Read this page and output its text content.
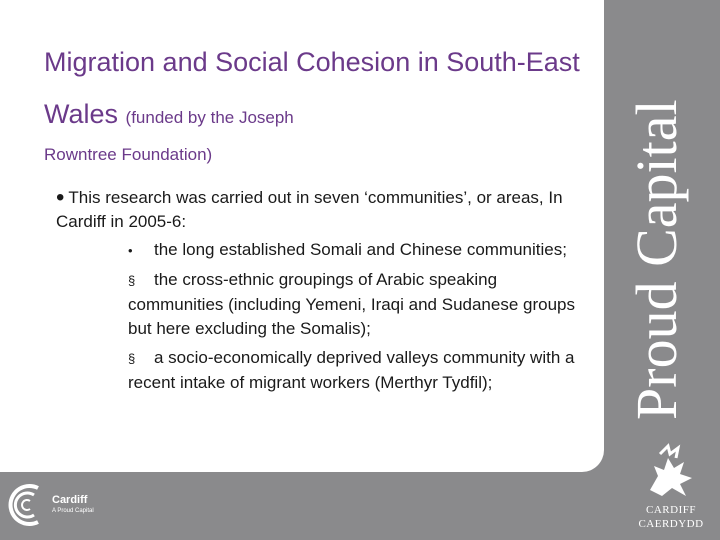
Migration and Social Cohesion in South-East Wales (funded by the Joseph
Rowntree Foundation)

• This research was carried out in seven ‘communities’, or areas, In Cardiff in 2005-6:

• the long established Somali and Chinese communities;
§ the cross-ethnic groupings of Arabic speaking communities (including Yemeni, Iraqi and Sudanese groups but here excluding the Somalis);
§ a socio-economically deprived valleys community with a recent intake of migrant workers (Merthyr Tydfil);	Proud Capital
Cardiff
A Proud Capital	CARDIFF
CAERDYDD
